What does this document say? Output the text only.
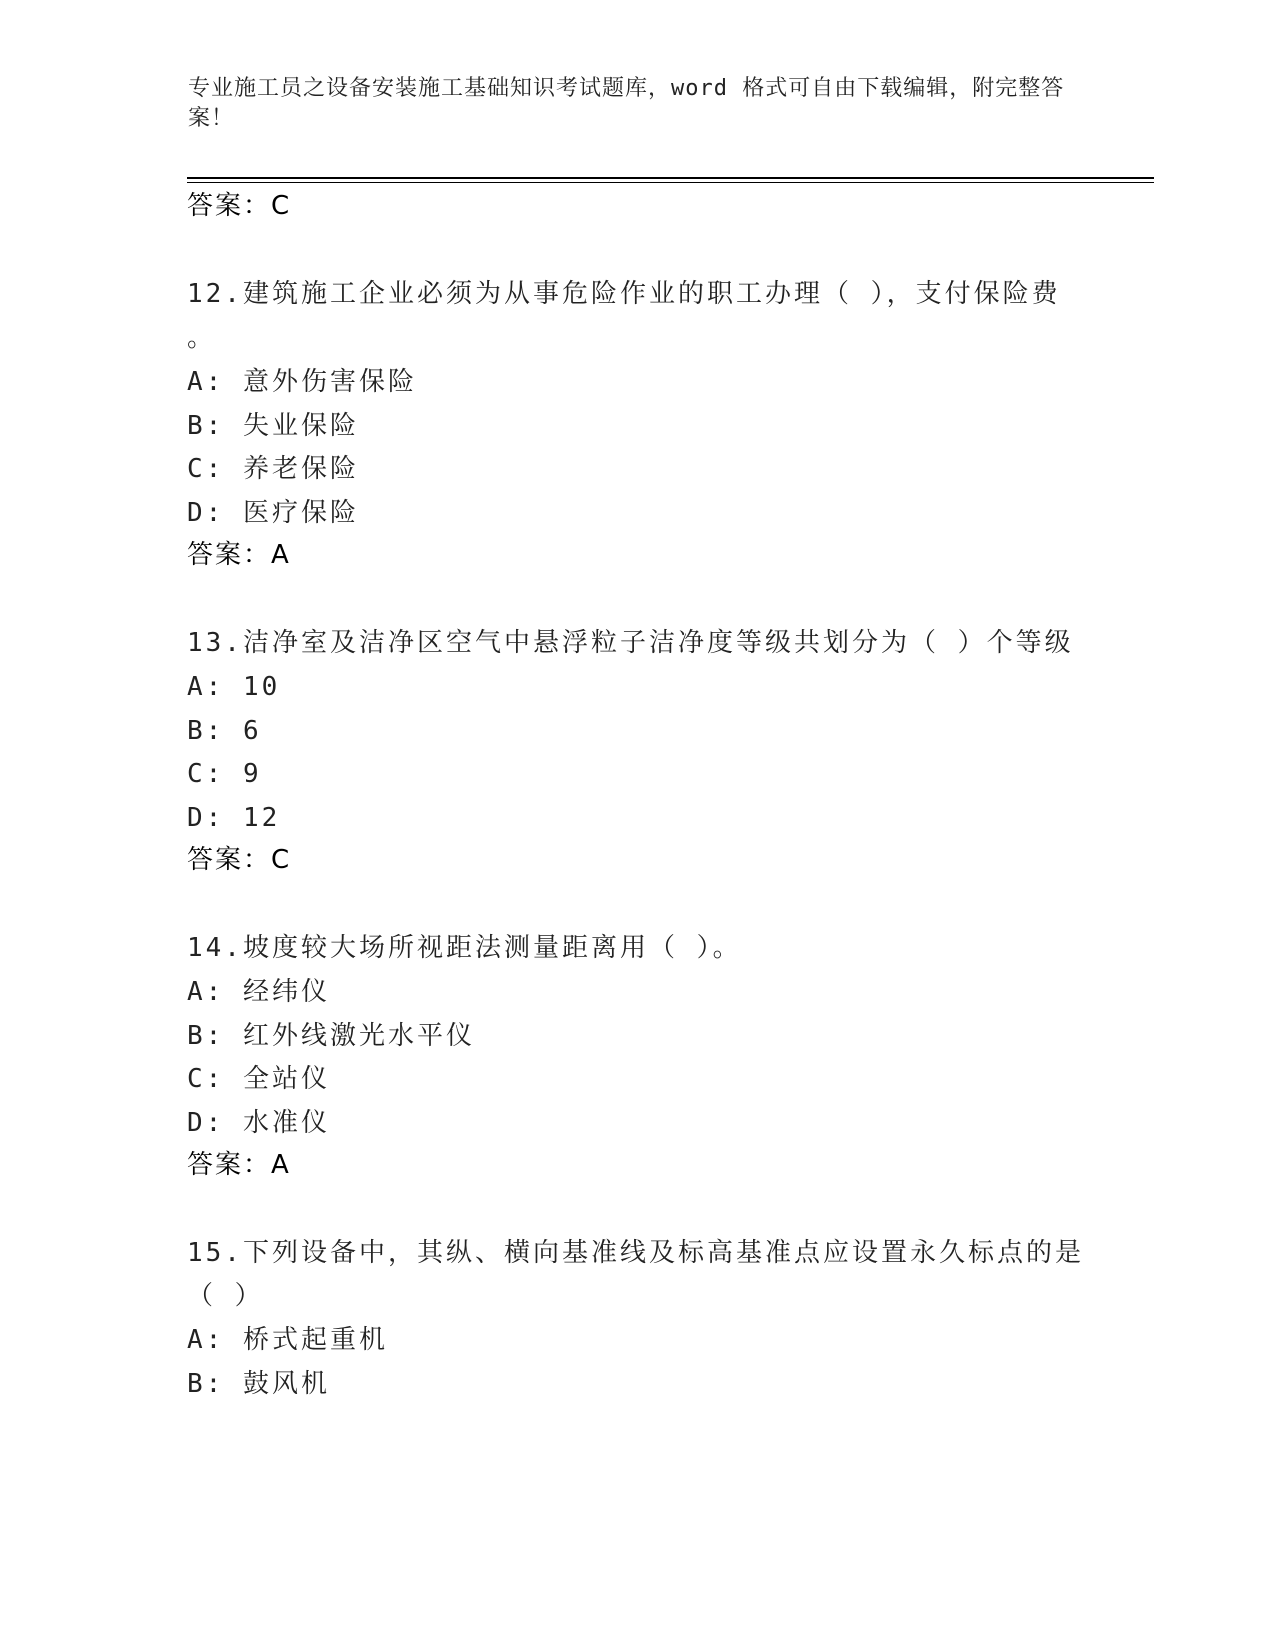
专业施工员之设备安装施工基础知识考试题库，word 格式可自由下载编辑，附完整答案！
答案：C
12.建筑施工企业必须为从事危险作业的职工办理（ ），支付保险费
。
A: 意外伤害保险
B: 失业保险
C: 养老保险
D: 医疗保险
答案：A
13.洁净室及洁净区空气中悬浮粒子洁净度等级共划分为（ ）个等级
A: 10
B: 6
C: 9
D: 12
答案：C
14.坡度较大场所视距法测量距离用（ ）。
A: 经纬仪
B: 红外线激光水平仪
C: 全站仪
D: 水准仪
答案：A
15.下列设备中，其纵、横向基准线及标高基准点应设置永久标点的是
（ ）
A: 桥式起重机
B: 鼓风机
